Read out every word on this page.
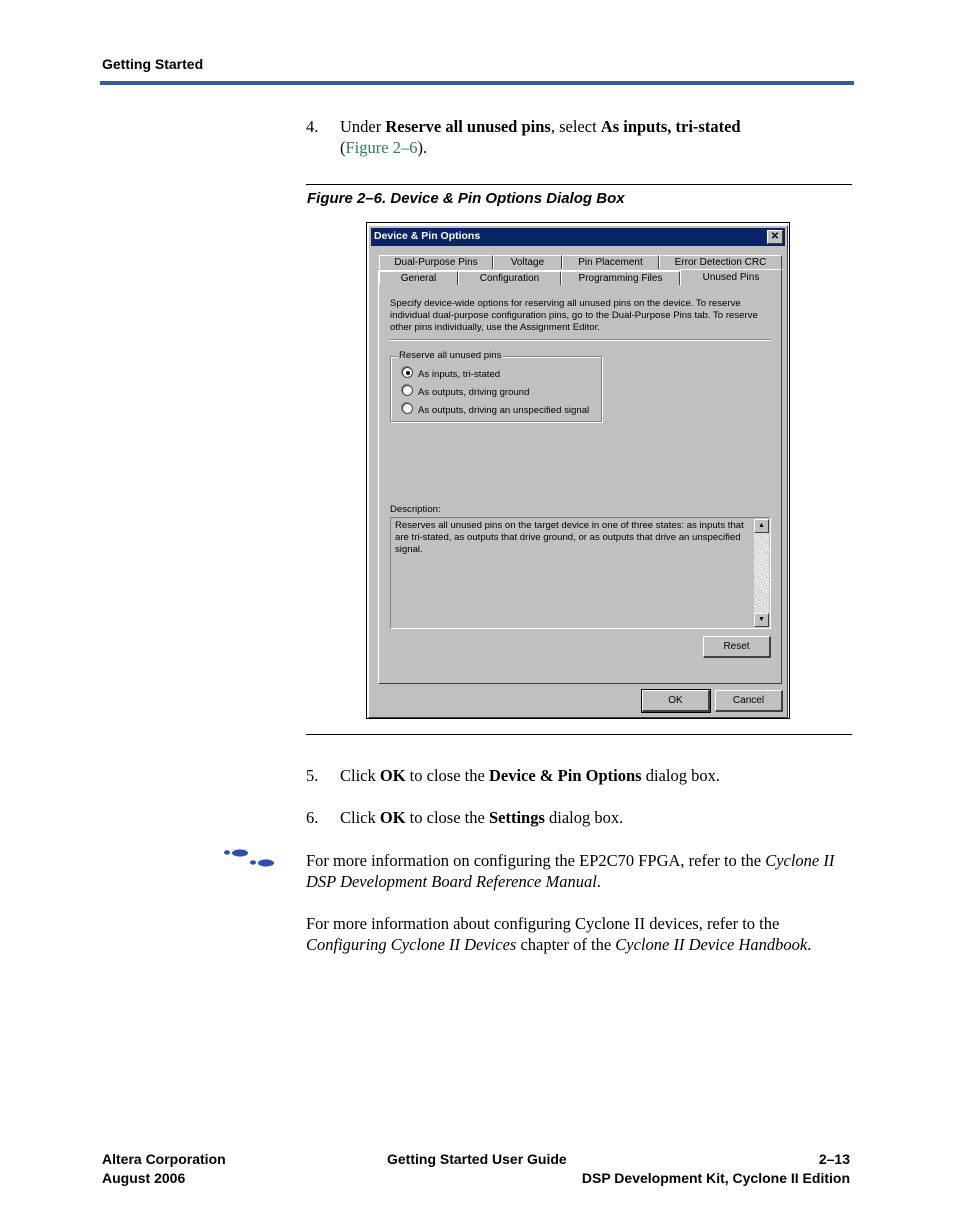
Getting Started
4. Under Reserve all unused pins, select As inputs, tri-stated
(Figure 2–6).
Figure 2–6. Device & Pin Options Dialog Box
Device & Pin Options	✕
Dual-Purpose Pins	Voltage	Pin Placement	Error Detection CRC
General	Configuration	Programming Files	Unused Pins
Specify device-wide options for reserving all unused pins on the device. To reserve individual dual-purpose configuration pins, go to the Dual-Purpose Pins tab. To reserve other pins individually, use the Assignment Editor.
Reserve all unused pins
As inputs, tri-stated
As outputs, driving ground
As outputs, driving an unspecified signal
Description:
Reserves all unused pins on the target device in one of three states: as inputs that are tri-stated, as outputs that drive ground, or as outputs that drive an unspecified signal.
▲
▼
Reset
OK	Cancel
5. Click OK to close the Device & Pin Options dialog box.
6. Click OK to close the Settings dialog box.
For more information on configuring the EP2C70 FPGA, refer to the Cyclone II DSP Development Board Reference Manual.
For more information about configuring Cyclone II devices, refer to the Configuring Cyclone II Devices chapter of the Cyclone II Device Handbook.
Altera Corporation
August 2006
Getting Started User Guide	2–13
DSP Development Kit, Cyclone II Edition
